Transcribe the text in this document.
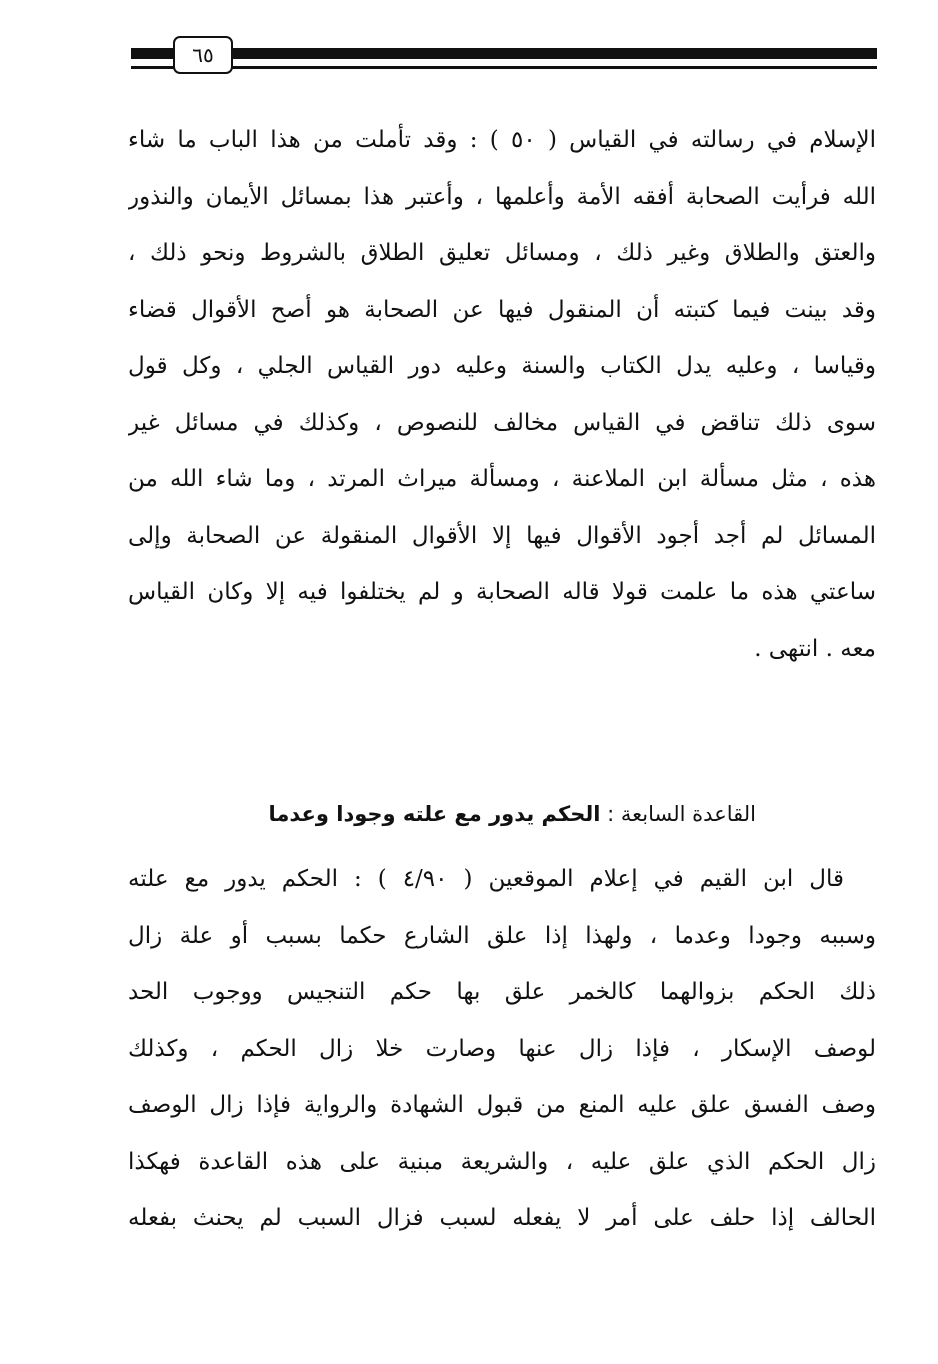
٦٥
الإسلام في رسالته في القياس ( ٥٠ ) : وقد تأملت من هذا الباب ما شاء
الله فرأيت الصحابة أفقه الأمة وأعلمها ، وأعتبر هذا بمسائل الأيمان والنذور
والعتق والطلاق وغير ذلك ، ومسائل تعليق الطلاق بالشروط ونحو ذلك ،
وقد بينت فيما كتبته أن المنقول فيها عن الصحابة هو أصح الأقوال قضاء
وقياسا ، وعليه يدل الكتاب والسنة وعليه دور القياس الجلي ، وكل قول
سوى ذلك تناقض في القياس مخالف للنصوص ، وكذلك في مسائل غير
هذه ، مثل مسألة ابن الملاعنة ، ومسألة ميراث المرتد ، وما شاء الله من
المسائل لم أجد أجود الأقوال فيها إلا الأقوال المنقولة عن الصحابة وإلى
ساعتي هذه ما علمت قولا قاله الصحابة و لم يختلفوا فيه إلا وكان القياس
معه . انتهى .
القاعدة السابعة : الحكم يدور مع علته وجودا وعدما
قال ابن القيم في إعلام الموقعين ( ٤/٩٠ ) : الحكم يدور مع علته
وسببه وجودا وعدما ، ولهذا إذا علق الشارع حكما بسبب أو علة زال
ذلك الحكم بزوالهما كالخمر علق بها حكم التنجيس ووجوب الحد
لوصف الإسكار ، فإذا زال عنها وصارت خلا زال الحكم ، وكذلك
وصف الفسق علق عليه المنع من قبول الشهادة والرواية فإذا زال الوصف
زال الحكم الذي علق عليه ، والشريعة مبنية على هذه القاعدة فهكذا
الحالف إذا حلف على أمر لا يفعله لسبب فزال السبب لم يحنث بفعله
